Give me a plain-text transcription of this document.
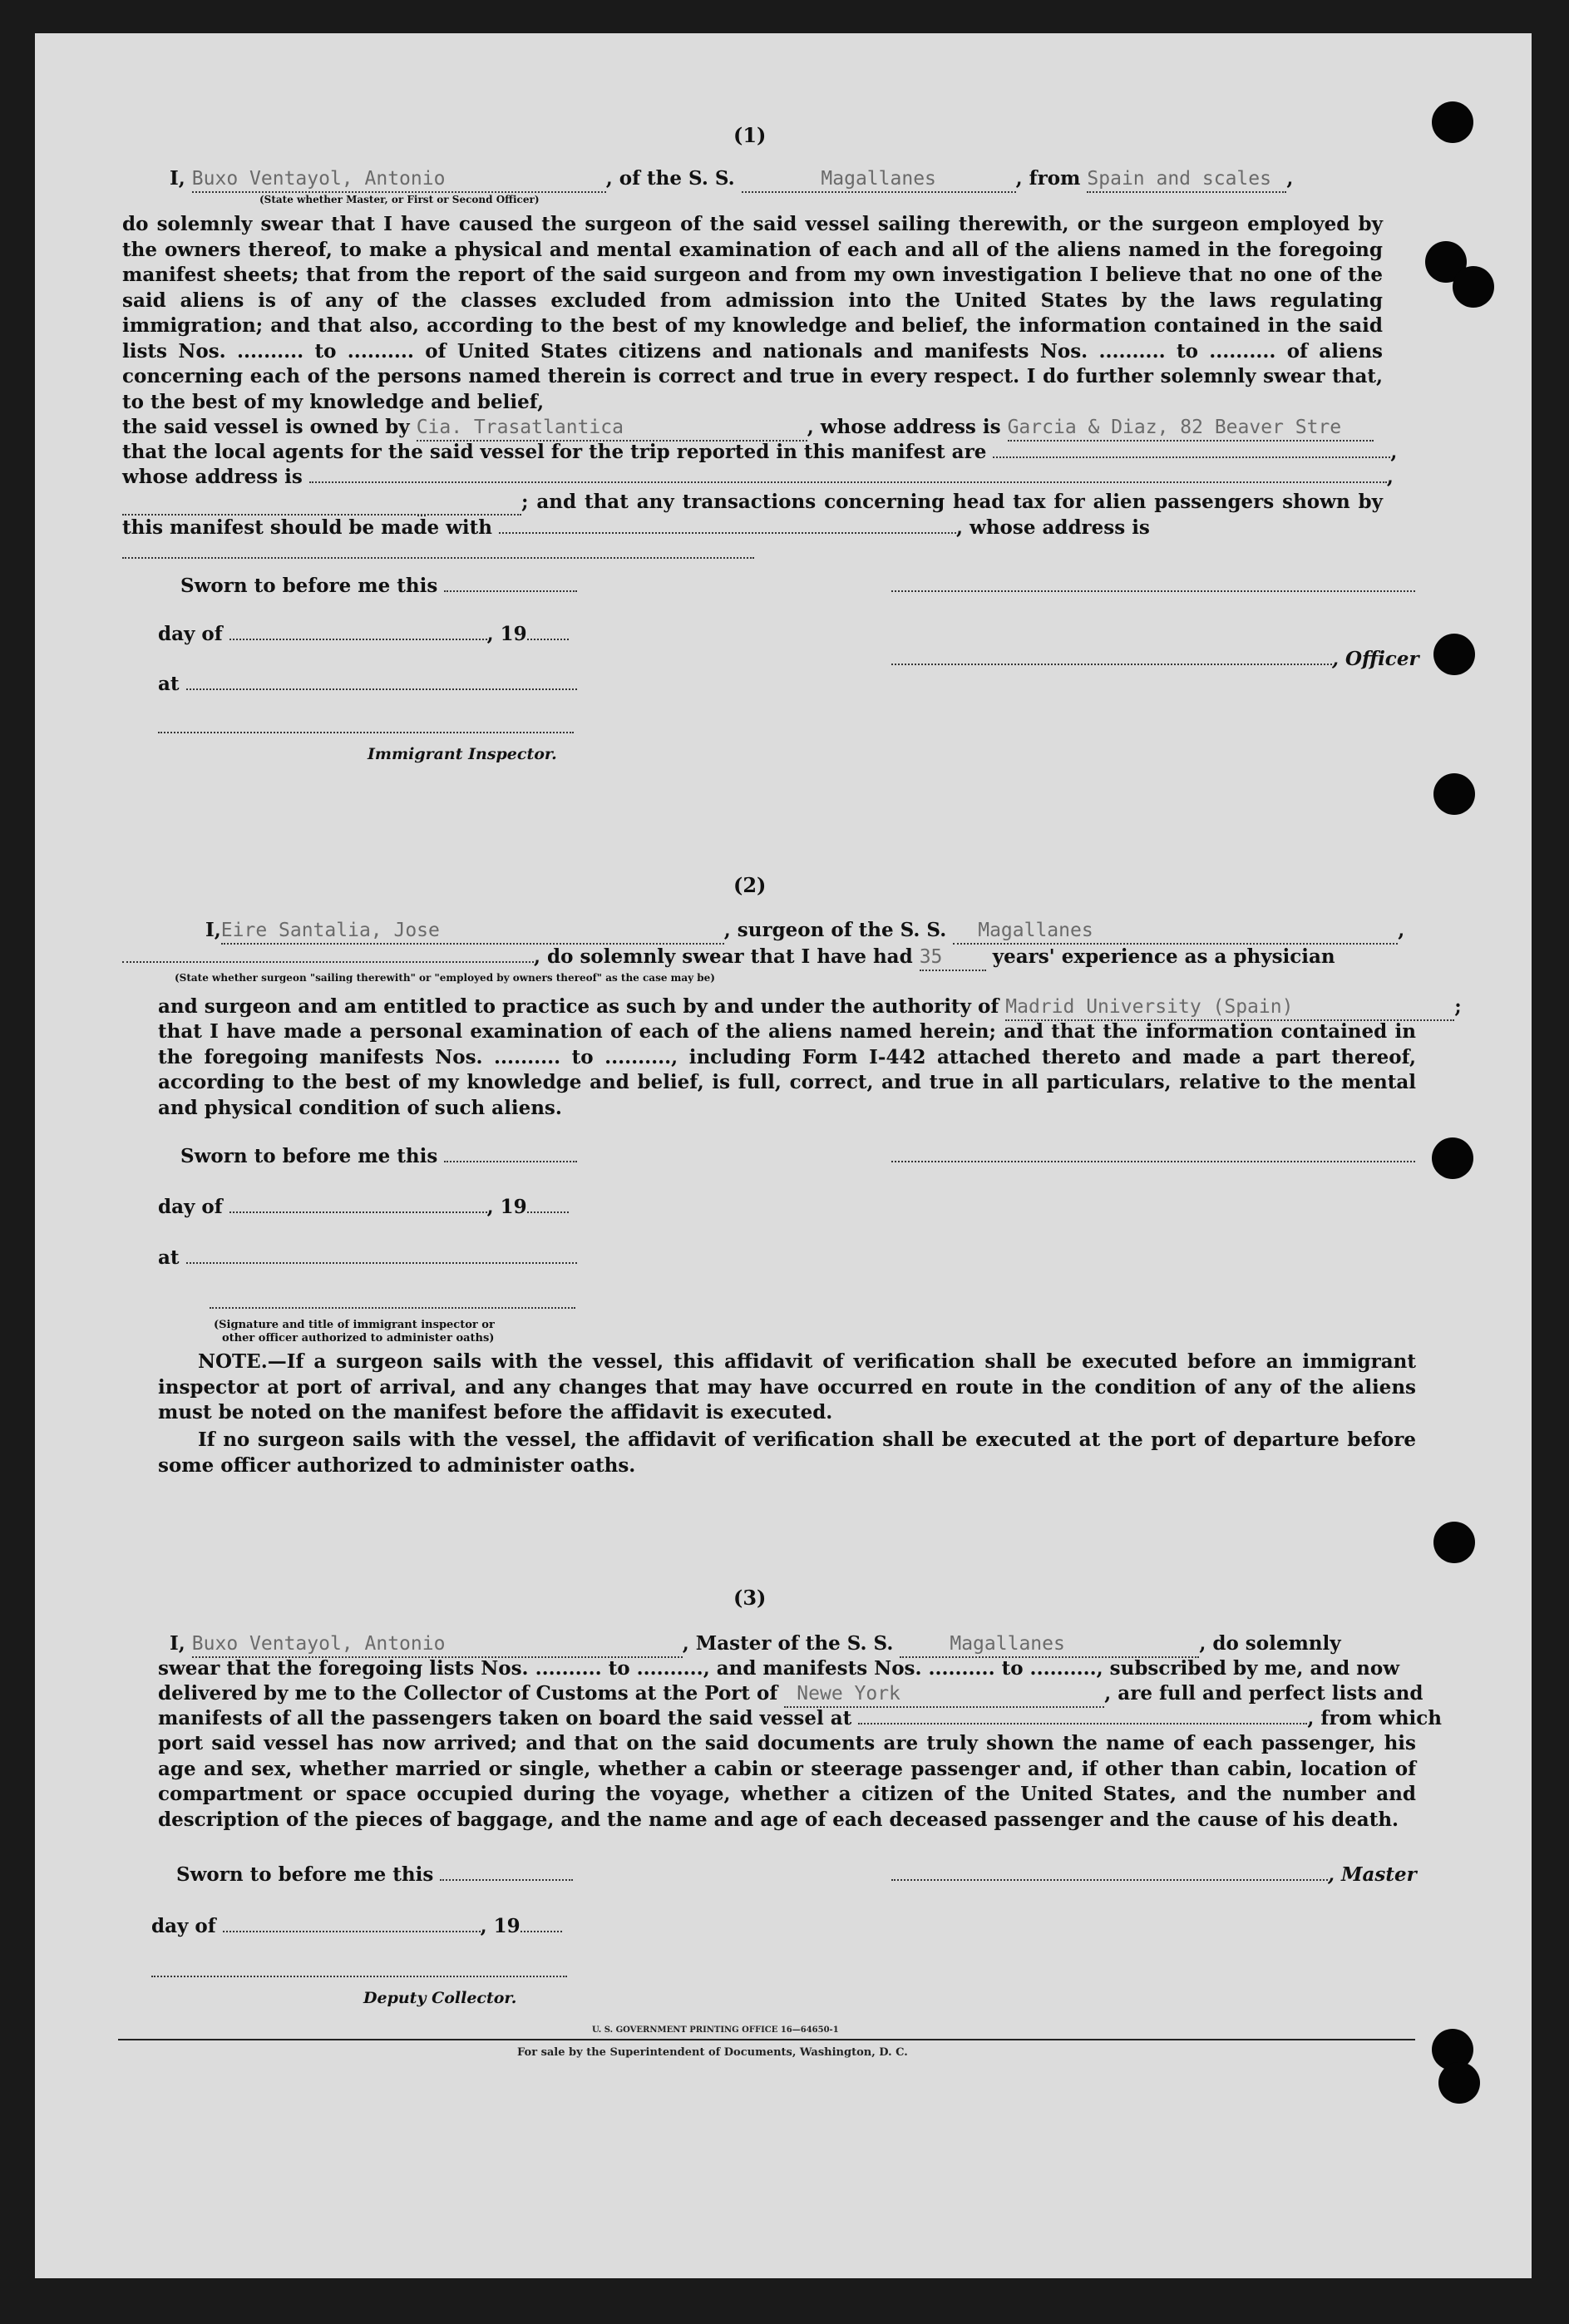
(1)
I, Buxo Ventayol, Antonio	, of the S. S.	Magallanes	, from Spain and scales ,
(State whether Master, or First or Second Officer)
do solemnly swear that I have caused the surgeon of the said vessel sailing therewith, or the surgeon employed by the owners thereof, to make a physical and mental examination of each and all of the aliens named in the foregoing manifest sheets; that from the report of the said surgeon and from my own investigation I believe that no one of the said aliens is of any of the classes excluded from admission into the United States by the laws regulating immigration; and that also, according to the best of my knowledge and belief, the information contained in the said lists Nos. .......... to .......... of United States citizens and nationals and manifests Nos. .......... to .......... of aliens concerning each of the persons named therein is correct and true in every respect. I do further solemnly swear that, to the best of my knowledge and belief,
the said vessel is owned by Cia. Trasatlantica	, whose address is Garcia & Diaz, 82 Beaver Stre
that the local agents for the said vessel for the trip reported in this manifest are	,
whose address is	,
; and that any transactions concerning head tax for alien passengers shown by this manifest should be made with	, whose address is
Sworn to before me this
day of	, 19
, Officer
at
Immigrant Inspector.
(2)
I,Eire Santalia, Jose	, surgeon of the S. S. Magallanes	,
, do solemnly swear that I have had 35	years' experience as a physician
(State whether surgeon "sailing therewith" or "employed by owners thereof" as the case may be)
and surgeon and am entitled to practice as such by and under the authority of Madrid University (Spain)	;
that I have made a personal examination of each of the aliens named herein; and that the information contained in the foregoing manifests Nos. .......... to .........., including Form I-442 attached thereto and made a part thereof, according to the best of my knowledge and belief, is full, correct, and true in all particulars, relative to the mental and physical condition of such aliens.
Sworn to before me this
day of	, 19
at
(Signature and title of immigrant inspector or
other officer authorized to administer oaths)
NOTE.—If a surgeon sails with the vessel, this affidavit of verification shall be executed before an immigrant inspector at port of arrival, and any changes that may have occurred en route in the condition of any of the aliens must be noted on the manifest before the affidavit is executed.
If no surgeon sails with the vessel, the affidavit of verification shall be executed at the port of departure before some officer authorized to administer oaths.
(3)
I, Buxo Ventayol, Antonio	, Master of the S. S.	Magallanes	, do solemnly
swear that the foregoing lists Nos. .......... to .........., and manifests Nos. .......... to .........., subscribed by me, and now
delivered by me to the Collector of Customs at the Port of Newe York	, are full and perfect lists and
manifests of all the passengers taken on board the said vessel at	, from which
port said vessel has now arrived; and that on the said documents are truly shown the name of each passenger, his age and sex, whether married or single, whether a cabin or steerage passenger and, if other than cabin, location of compartment or space occupied during the voyage, whether a citizen of the United States, and the number and description of the pieces of baggage, and the name and age of each deceased passenger and the cause of his death.
Sworn to before me this	, Master
day of	, 19
Deputy Collector.
U. S. GOVERNMENT PRINTING OFFICE 16—64650-1
For sale by the Superintendent of Documents, Washington, D. C.
